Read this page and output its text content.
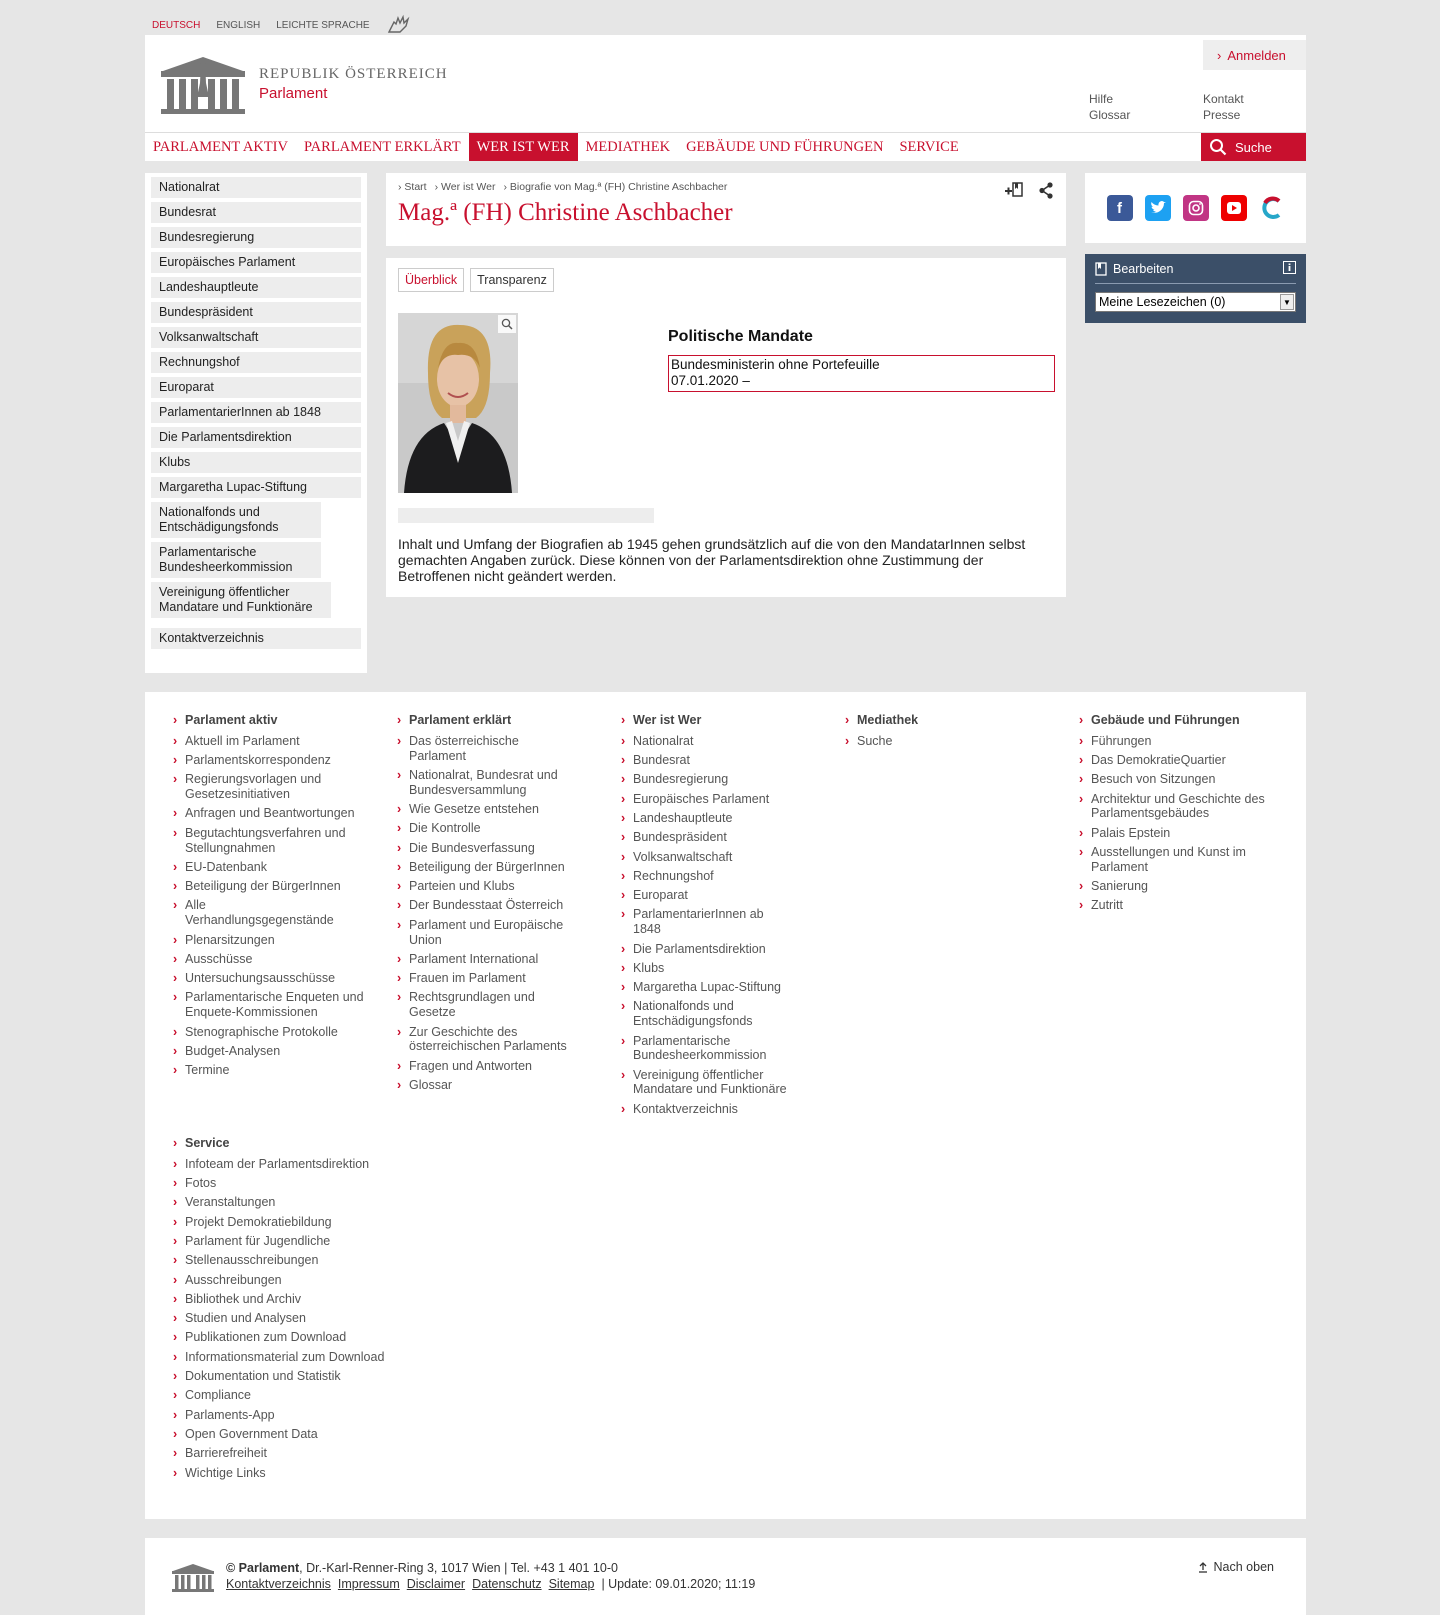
DEUTSCH ENGLISH LEICHTE SPRACHE
REPUBLIK ÖSTERREICH
Parlament
› Anmelden
Hilfe	Kontakt
Glossar	Presse
PARLAMENT AKTIV	PARLAMENT ERKLÄRT	WER IST WER	MEDIATHEK	GEBÄUDE UND FÜHRUNGEN	SERVICE	Suche
Nationalrat
Bundesrat
Bundesregierung
Europäisches Parlament
Landeshauptleute
Bundespräsident
Volksanwaltschaft
Rechnungshof
Europarat
ParlamentarierInnen ab 1848
Die Parlamentsdirektion
Klubs
Margaretha Lupac-Stiftung
Nationalfonds und Entschädigungsfonds
Parlamentarische Bundesheerkommission
Vereinigung öffentlicher Mandatare und Funktionäre
Kontaktverzeichnis
› Start › Wer ist Wer › Biografie von Mag.ª (FH) Christine Aschbacher
Mag.ª (FH) Christine Aschbacher
Überblick	Transparenz
Politische Mandate
Bundesministerin ohne Portefeuille
07.01.2020 –
Inhalt und Umfang der Biografien ab 1945 gehen grundsätzlich auf die von den MandatarInnen selbst gemachten Angaben zurück. Diese können von der Parlamentsdirektion ohne Zustimmung der Betroffenen nicht geändert werden.
f
Bearbeiten
Meine Lesezeichen (0)	▼
› Parlament aktiv
› Aktuell im Parlament
› Parlamentskorrespondenz
› Regierungsvorlagen und Gesetzesinitiativen
› Anfragen und Beantwortungen
› Begutachtungsverfahren und Stellungnahmen
› EU-Datenbank
› Beteiligung der BürgerInnen
› Alle Verhandlungsgegenstände
› Plenarsitzungen
› Ausschüsse
› Untersuchungsausschüsse
› Parlamentarische Enqueten und Enquete-Kommissionen
› Stenographische Protokolle
› Budget-Analysen
› Termine
› Parlament erklärt
› Das österreichische Parlament
› Nationalrat, Bundesrat und Bundesversammlung
› Wie Gesetze entstehen
› Die Kontrolle
› Die Bundesverfassung
› Beteiligung der BürgerInnen
› Parteien und Klubs
› Der Bundesstaat Österreich
› Parlament und Europäische Union
› Parlament International
› Frauen im Parlament
› Rechtsgrundlagen und Gesetze
› Zur Geschichte des österreichischen Parlaments
› Fragen und Antworten
› Glossar
› Wer ist Wer
› Nationalrat
› Bundesrat
› Bundesregierung
› Europäisches Parlament
› Landeshauptleute
› Bundespräsident
› Volksanwaltschaft
› Rechnungshof
› Europarat
› ParlamentarierInnen ab 1848
› Die Parlamentsdirektion
› Klubs
› Margaretha Lupac-Stiftung
› Nationalfonds und Entschädigungsfonds
› Parlamentarische Bundesheerkommission
› Vereinigung öffentlicher Mandatare und Funktionäre
› Kontaktverzeichnis
› Mediathek
› Suche
› Gebäude und Führungen
› Führungen
› Das DemokratieQuartier
› Besuch von Sitzungen
› Architektur und Geschichte des Parlamentsgebäudes
› Palais Epstein
› Ausstellungen und Kunst im Parlament
› Sanierung
› Zutritt
› Service
› Infoteam der Parlamentsdirektion
› Fotos
› Veranstaltungen
› Projekt Demokratiebildung
› Parlament für Jugendliche
› Stellenausschreibungen
› Ausschreibungen
› Bibliothek und Archiv
› Studien und Analysen
› Publikationen zum Download
› Informationsmaterial zum Download
› Dokumentation und Statistik
› Compliance
› Parlaments-App
› Open Government Data
› Barrierefreiheit
› Wichtige Links
© Parlament, Dr.-Karl-Renner-Ring 3, 1017 Wien | Tel. +43 1 401 10-0
Kontaktverzeichnis Impressum Disclaimer Datenschutz Sitemap | Update: 09.01.2020; 11:19
Nach oben
